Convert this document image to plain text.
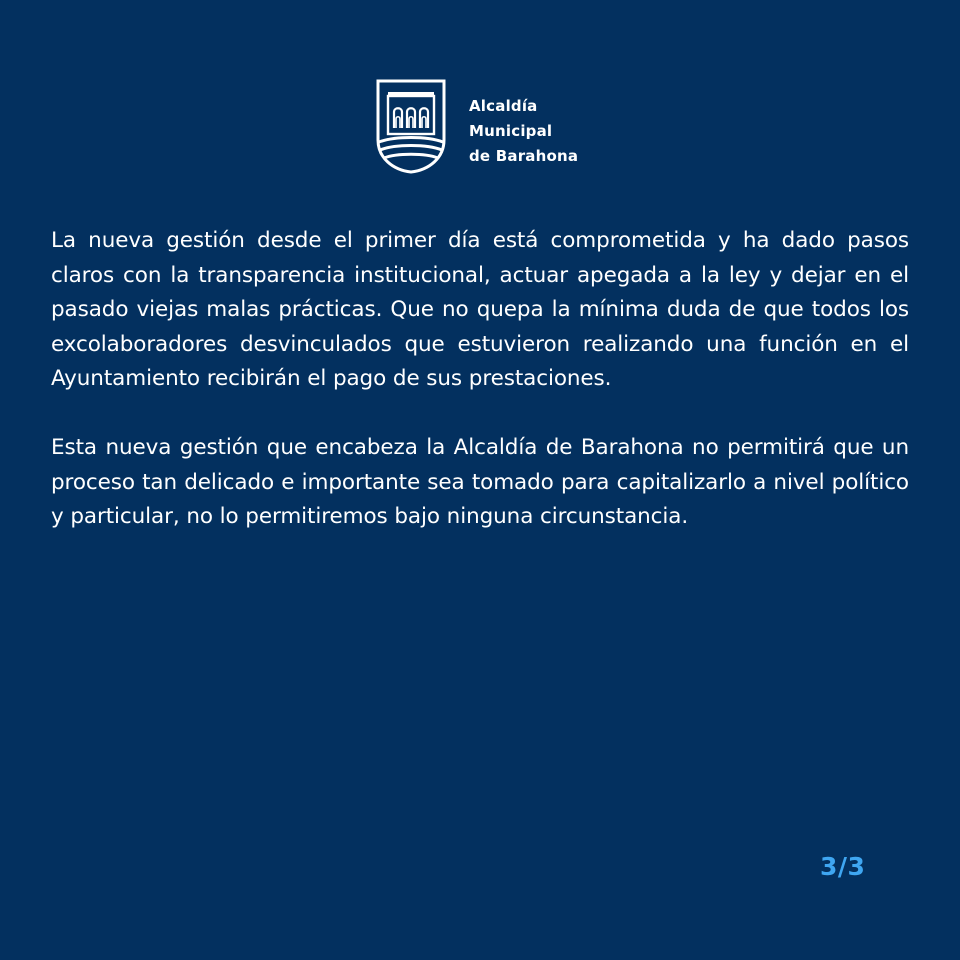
Alcaldía
Municipal
de Barahona

La nueva gestión desde el primer día está comprometida y ha dado pasos claros con la transparencia institucional, actuar apegada a la ley y dejar en el pasado viejas malas prácticas. Que no quepa la mínima duda de que todos los excolaboradores desvinculados que estuvieron realizando una función en el Ayuntamiento recibirán el pago de sus prestaciones.

Esta nueva gestión que encabeza la Alcaldía de Barahona no permitirá que un proceso tan delicado e importante sea tomado para capitalizarlo a nivel político y particular, no lo permitiremos bajo ninguna circunstancia.

3/3
